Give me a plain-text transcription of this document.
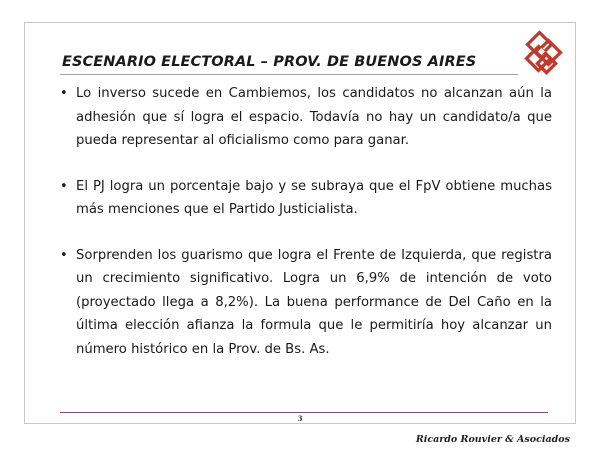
ESCENARIO ELECTORAL – PROV. DE BUENOS AIRES
• Lo inverso sucede en Cambiemos, los candidatos no alcanzan aún la adhesión que sí logra el espacio. Todavía no hay un candidato/a que pueda representar al oficialismo como para ganar.
• El PJ logra un porcentaje bajo y se subraya que el FpV obtiene muchas más menciones que el Partido Justicialista.
• Sorprenden los guarismo que logra el Frente de Izquierda, que registra un crecimiento significativo. Logra un 6,9% de intención de voto (proyectado llega a 8,2%). La buena performance de Del Caño en la última elección afianza la formula que le permitiría hoy alcanzar un número histórico en la Prov. de Bs. As.
3
Ricardo Rouvier & Asociados
